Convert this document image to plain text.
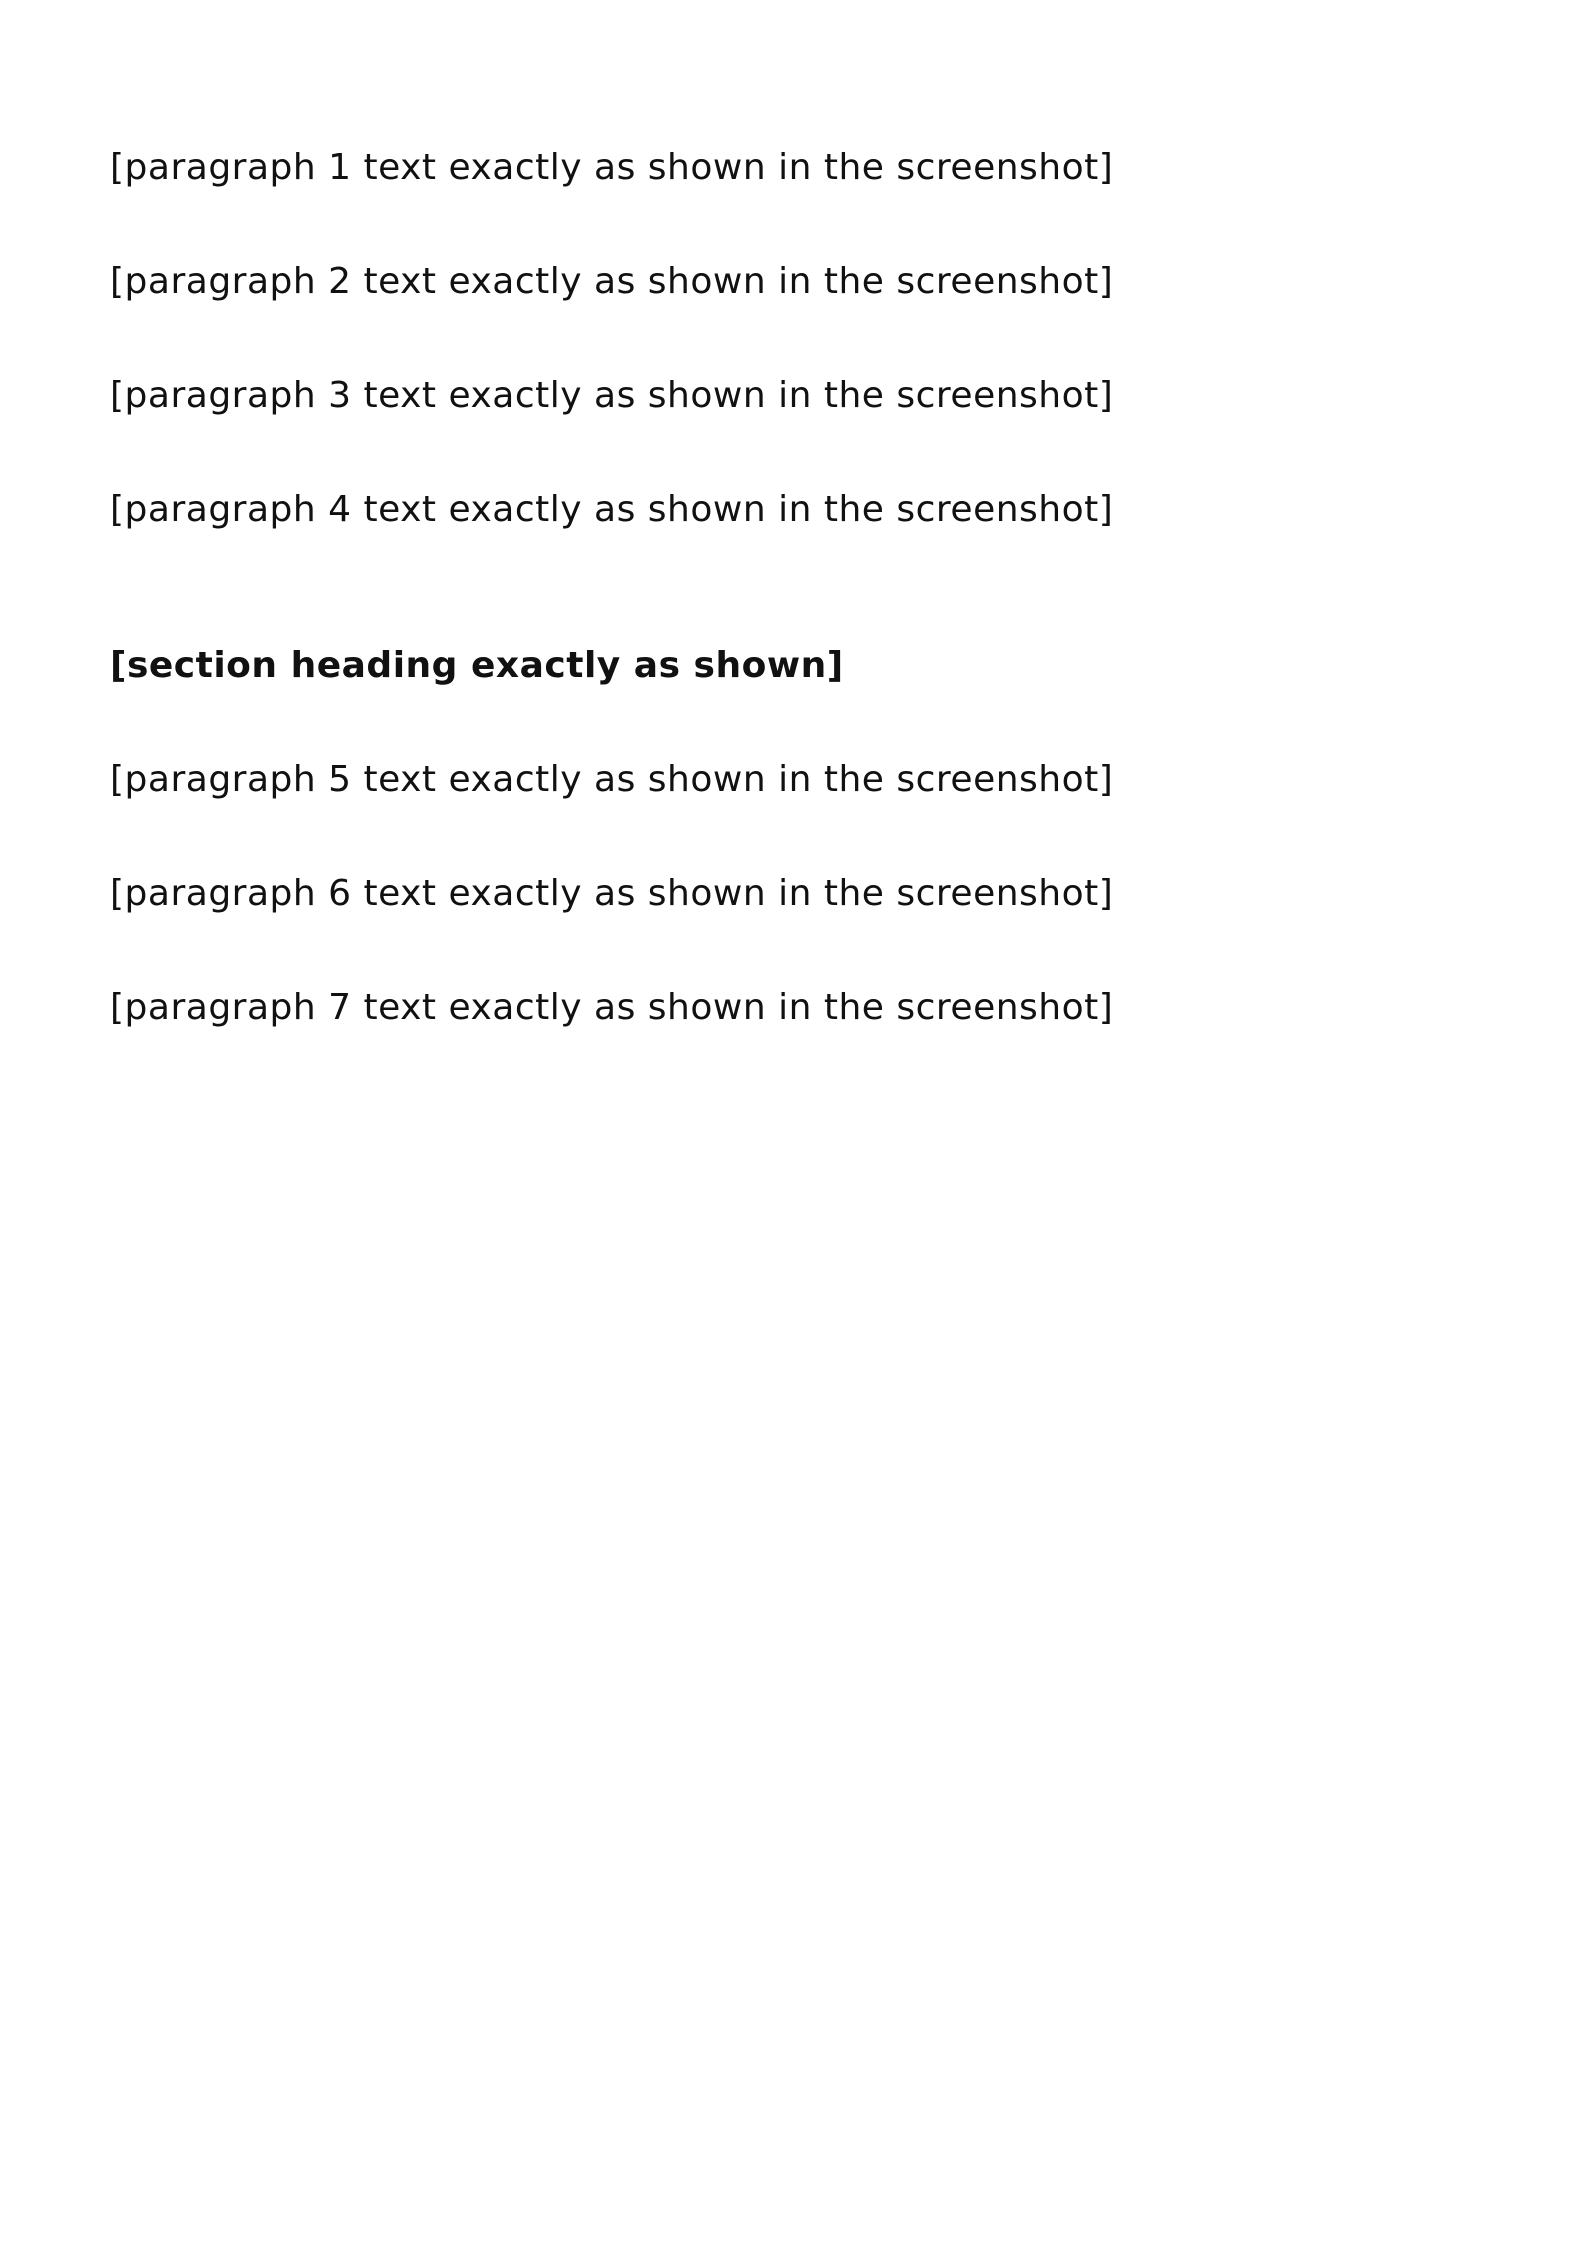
[paragraph 1 text exactly as shown in the screenshot]

[paragraph 2 text exactly as shown in the screenshot]

[paragraph 3 text exactly as shown in the screenshot]

[paragraph 4 text exactly as shown in the screenshot]

[section heading exactly as shown]

[paragraph 5 text exactly as shown in the screenshot]

[paragraph 6 text exactly as shown in the screenshot]

[paragraph 7 text exactly as shown in the screenshot]
